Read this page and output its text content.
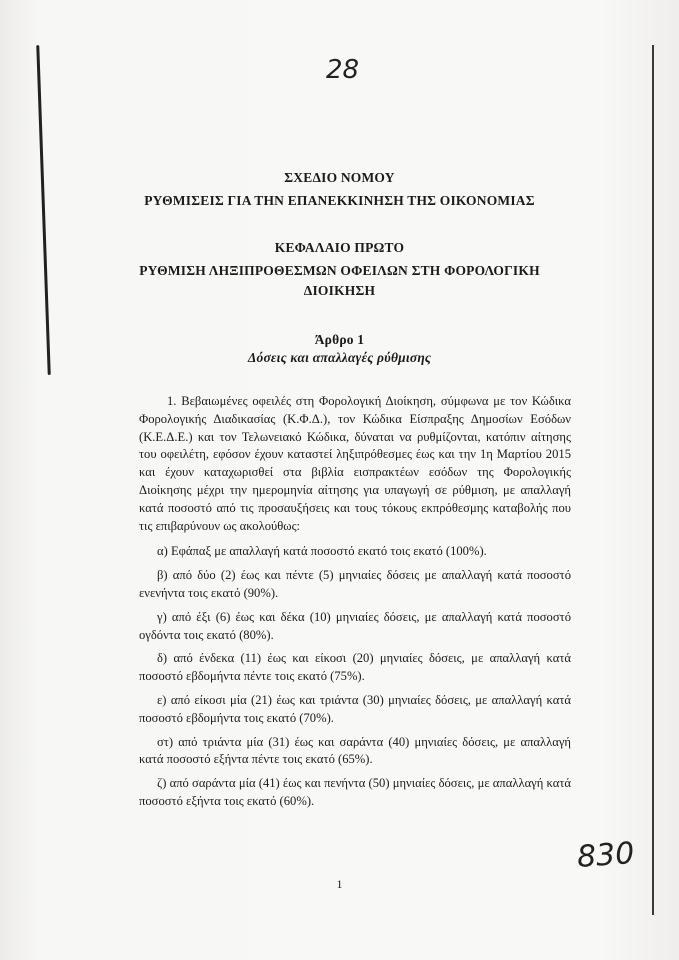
28
ΣΧΕΔΙΟ ΝΟΜΟΥ
ΡΥΘΜΙΣΕΙΣ ΓΙΑ ΤΗΝ ΕΠΑΝΕΚΚΙΝΗΣΗ ΤΗΣ ΟΙΚΟΝΟΜΙΑΣ
ΚΕΦΑΛΑΙΟ ΠΡΩΤΟ
ΡΥΘΜΙΣΗ ΛΗΞΙΠΡΟΘΕΣΜΩΝ ΟΦΕΙΛΩΝ ΣΤΗ ΦΟΡΟΛΟΓΙΚΗ
ΔΙΟΙΚΗΣΗ
Άρθρο 1
Δόσεις και απαλλαγές ρύθμισης

1. Βεβαιωμένες οφειλές στη Φορολογική Διοίκηση, σύμφωνα με τον Κώδικα Φορολογικής Διαδικασίας (Κ.Φ.Δ.), τον Κώδικα Είσπραξης Δημοσίων Εσόδων (Κ.Ε.Δ.Ε.) και τον Τελωνειακό Κώδικα, δύναται να ρυθμίζονται, κατόπιν αίτησης του οφειλέτη, εφόσον έχουν καταστεί ληξιπρόθεσμες έως και την 1η Μαρτίου 2015 και έχουν καταχωρισθεί στα βιβλία εισπρακτέων εσόδων της Φορολογικής Διοίκησης μέχρι την ημερομηνία αίτησης για υπαγωγή σε ρύθμιση, με απαλλαγή κατά ποσοστό από τις προσαυξήσεις και τους τόκους εκπρόθεσμης καταβολής που τις επιβαρύνουν ως ακολούθως:

α) Εφάπαξ με απαλλαγή κατά ποσοστό εκατό τοις εκατό (100%).

β) από δύο (2) έως και πέντε (5) μηνιαίες δόσεις με απαλλαγή κατά ποσοστό ενενήντα τοις εκατό (90%).

γ) από έξι (6) έως και δέκα (10) μηνιαίες δόσεις, με απαλλαγή κατά ποσοστό ογδόντα τοις εκατό (80%).

δ) από ένδεκα (11) έως και είκοσι (20) μηνιαίες δόσεις, με απαλλαγή κατά ποσοστό εβδομήντα πέντε τοις εκατό (75%).

ε) από είκοσι μία (21) έως και τριάντα (30) μηνιαίες δόσεις, με απαλλαγή κατά ποσοστό εβδομήντα τοις εκατό (70%).

στ) από τριάντα μία (31) έως και σαράντα (40) μηνιαίες δόσεις, με απαλλαγή κατά ποσοστό εξήντα πέντε τοις εκατό (65%).

ζ) από σαράντα μία (41) έως και πενήντα (50) μηνιαίες δόσεις, με απαλλαγή κατά ποσοστό εξήντα τοις εκατό (60%).

830
1
